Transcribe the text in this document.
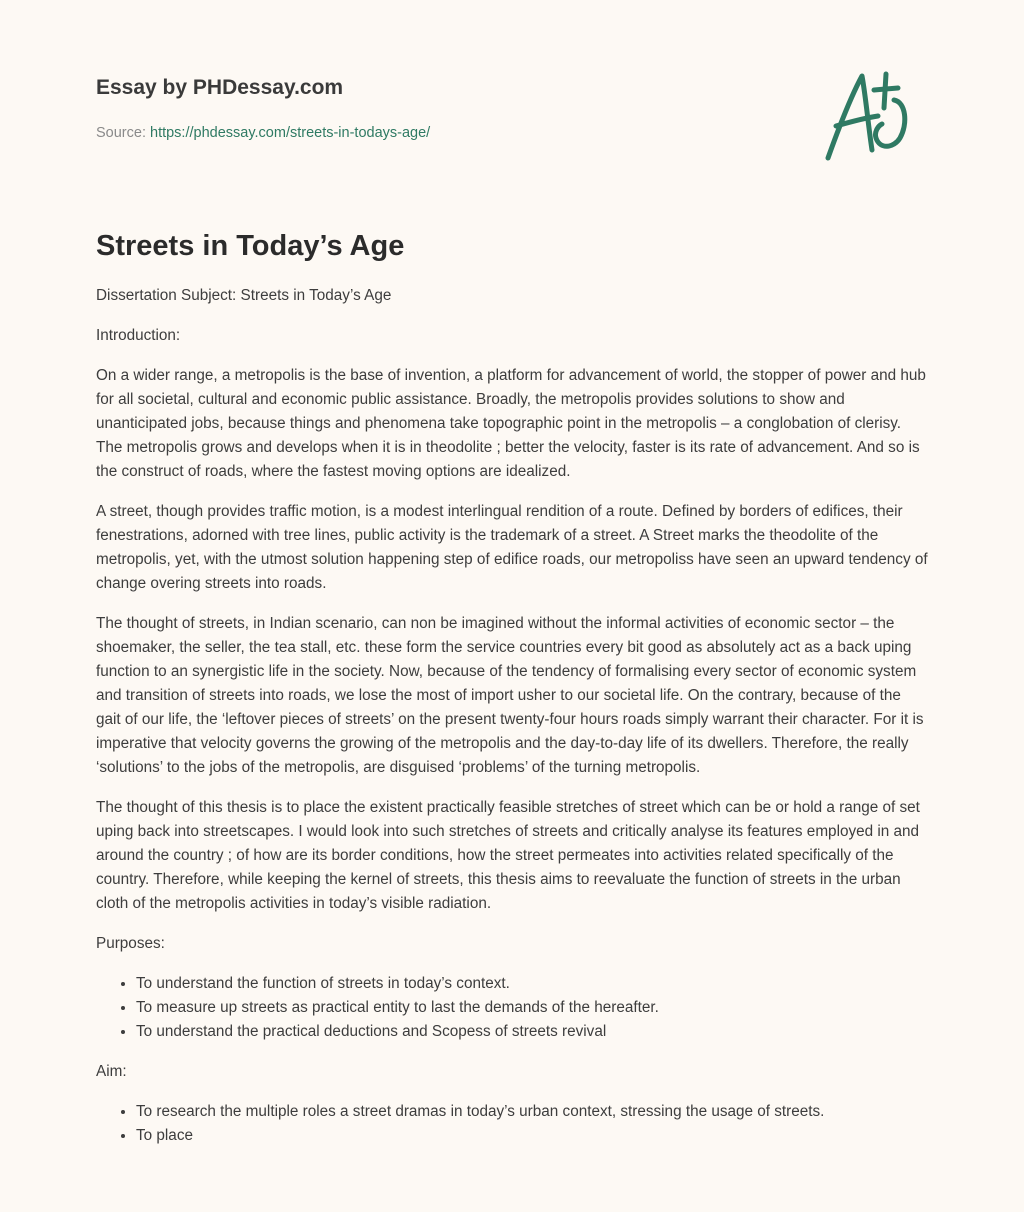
Essay by PHDessay.com

Source: https://phdessay.com/streets-in-todays-age/

Streets in Today’s Age

Dissertation Subject: Streets in Today’s Age

Introduction:

On a wider range, a metropolis is the base of invention, a platform for advancement of world, the stopper of power and hub for all societal, cultural and economic public assistance. Broadly, the metropolis provides solutions to show and unanticipated jobs, because things and phenomena take topographic point in the metropolis – a conglobation of clerisy. The metropolis grows and develops when it is in theodolite ; better the velocity, faster is its rate of advancement. And so is the construct of roads, where the fastest moving options are idealized.

A street, though provides traffic motion, is a modest interlingual rendition of a route. Defined by borders of edifices, their fenestrations, adorned with tree lines, public activity is the trademark of a street. A Street marks the theodolite of the metropolis, yet, with the utmost solution happening step of edifice roads, our metropoliss have seen an upward tendency of change overing streets into roads.

The thought of streets, in Indian scenario, can non be imagined without the informal activities of economic sector – the shoemaker, the seller, the tea stall, etc. these form the service countries every bit good as absolutely act as a back uping function to an synergistic life in the society. Now, because of the tendency of formalising every sector of economic system and transition of streets into roads, we lose the most of import usher to our societal life. On the contrary, because of the gait of our life, the ‘leftover pieces of streets’ on the present twenty-four hours roads simply warrant their character. For it is imperative that velocity governs the growing of the metropolis and the day-to-day life of its dwellers. Therefore, the really ‘solutions’ to the jobs of the metropolis, are disguised ‘problems’ of the turning metropolis.

The thought of this thesis is to place the existent practically feasible stretches of street which can be or hold a range of set uping back into streetscapes. I would look into such stretches of streets and critically analyse its features employed in and around the country ; of how are its border conditions, how the street permeates into activities related specifically of the country. Therefore, while keeping the kernel of streets, this thesis aims to reevaluate the function of streets in the urban cloth of the metropolis activities in today’s visible radiation.

Purposes:

• To understand the function of streets in today’s context.
• To measure up streets as practical entity to last the demands of the hereafter.
• To understand the practical deductions and Scopess of streets revival

Aim:

• To research the multiple roles a street dramas in today’s urban context, stressing the usage of streets.
• To place
